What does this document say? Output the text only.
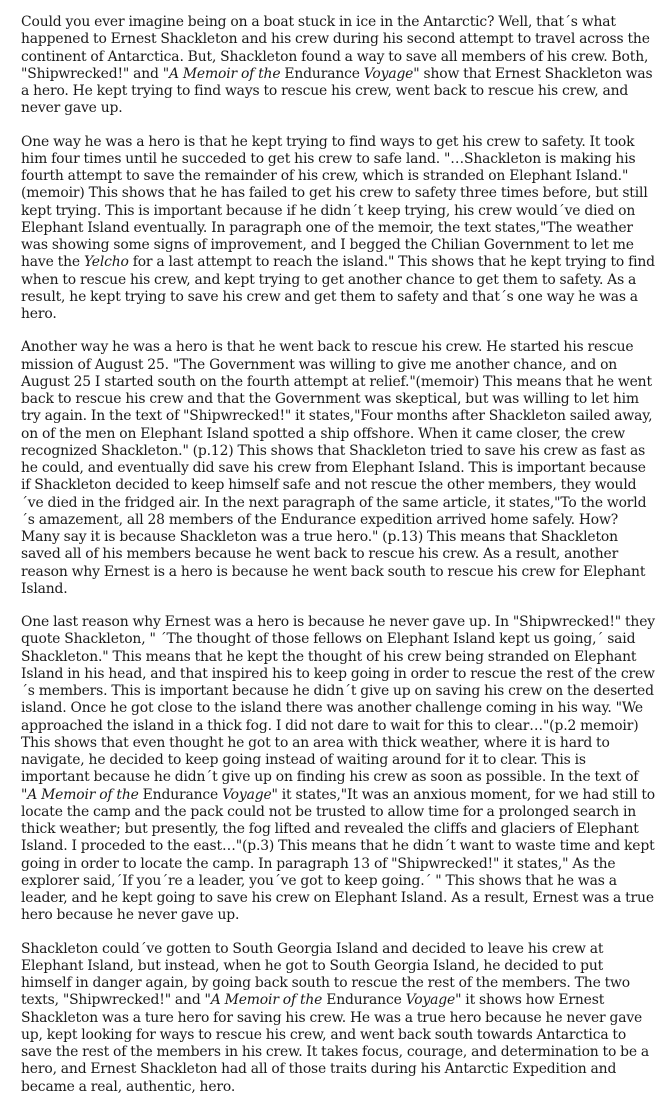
Could you ever imagine being on a boat stuck in ice in the Antarctic? Well, that´s what happened to Ernest Shackleton and his crew during his second attempt to travel across the continent of Antarctica. But, Shackleton found a way to save all members of his crew. Both, "Shipwrecked!" and "A Memoir of the Endurance Voyage" show that Ernest Shackleton was a hero. He kept trying to find ways to rescue his crew, went back to rescue his crew, and never gave up.

One way he was a hero is that he kept trying to find ways to get his crew to safety. It took him four times until he succeded to get his crew to safe land. "…Shackleton is making his fourth attempt to save the remainder of his crew, which is stranded on Elephant Island."(memoir) This shows that he has failed to get his crew to safety three times before, but still kept trying. This is important because if he didn´t keep trying, his crew would´ve died on Elephant Island eventually. In paragraph one of the memoir, the text states,"The weather was showing some signs of improvement, and I begged the Chilian Government to let me have the Yelcho for a last attempt to reach the island." This shows that he kept trying to find when to rescue his crew, and kept trying to get another chance to get them to safety. As a result, he kept trying to save his crew and get them to safety and that´s one way he was a hero.

Another way he was a hero is that he went back to rescue his crew. He started his rescue mission of August 25. "The Government was willing to give me another chance, and on August 25 I started south on the fourth attempt at relief."(memoir) This means that he went back to rescue his crew and that the Government was skeptical, but was willing to let him try again. In the text of "Shipwrecked!" it states,"Four months after Shackleton sailed away, on of the men on Elephant Island spotted a ship offshore. When it came closer, the crew recognized Shackleton." (p.12) This shows that Shackleton tried to save his crew as fast as he could, and eventually did save his crew from Elephant Island. This is important because if Shackleton decided to keep himself safe and not rescue the other members, they would´ve died in the fridged air. In the next paragraph of the same article, it states,"To the world´s amazement, all 28 members of the Endurance expedition arrived home safely. How? Many say it is because Shackleton was a true hero." (p.13) This means that Shackleton saved all of his members because he went back to rescue his crew. As a result, another reason why Ernest is a hero is because he went back south to rescue his crew for Elephant Island.

One last reason why Ernest was a hero is because he never gave up. In "Shipwrecked!" they quote Shackleton, " ´The thought of those fellows on Elephant Island kept us going,´ said Shackleton." This means that he kept the thought of his crew being stranded on Elephant Island in his head, and that inspired his to keep going in order to rescue the rest of the crew´s members. This is important because he didn´t give up on saving his crew on the deserted island. Once he got close to the island there was another challenge coming in his way. "We approached the island in a thick fog. I did not dare to wait for this to clear…"(p.2 memoir) This shows that even thought he got to an area with thick weather, where it is hard to navigate, he decided to keep going instead of waiting around for it to clear. This is important because he didn´t give up on finding his crew as soon as possible. In the text of "A Memoir of the Endurance Voyage" it states,"It was an anxious moment, for we had still to locate the camp and the pack could not be trusted to allow time for a prolonged search in thick weather; but presently, the fog lifted and revealed the cliffs and glaciers of Elephant Island. I proceded to the east…"(p.3) This means that he didn´t want to waste time and kept going in order to locate the camp. In paragraph 13 of "Shipwrecked!" it states," As the explorer said,´If you´re a leader, you´ve got to keep going.´ " This shows that he was a leader, and he kept going to save his crew on Elephant Island. As a result, Ernest was a true hero because he never gave up.

Shackleton could´ve gotten to South Georgia Island and decided to leave his crew at Elephant Island, but instead, when he got to South Georgia Island, he decided to put himself in danger again, by going back south to rescue the rest of the members. The two texts, "Shipwrecked!" and "A Memoir of the Endurance Voyage" it shows how Ernest Shackleton was a ture hero for saving his crew. He was a true hero because he never gave up, kept looking for ways to rescue his crew, and went back south towards Antarctica to save the rest of the members in his crew. It takes focus, courage, and determination to be a hero, and Ernest Shackleton had all of those traits during his Antarctic Expedition and became a real, authentic, hero.
